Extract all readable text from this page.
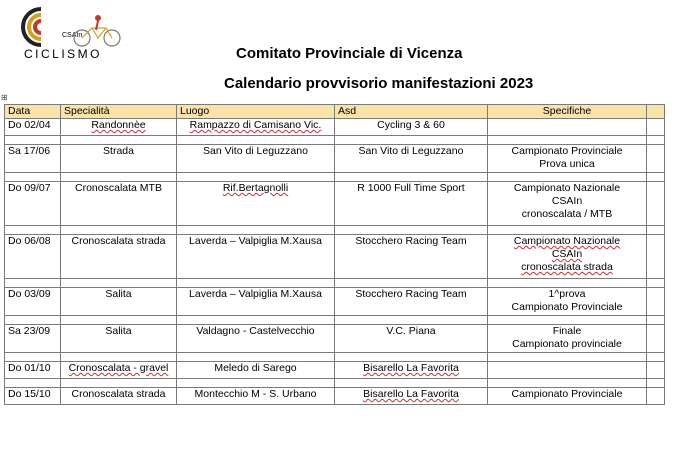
CSAIn
CICLISMO	Comitato Provinciale di Vicenza
Calendario provvisorio manifestazioni 2023
⊞
Data	Specialità	Luogo	Asd	Specifiche	
Do 02/04	Randonnèe	Rampazzo di Camisano Vic.	Cycling 3 & 60		

Sa 17/06	Strada	San Vito di Leguzzano	San Vito di Leguzzano	Campionato Provinciale
Prova unica	

Do 09/07	Cronoscalata MTB	Rif.Bertagnolli	R 1000 Full Time Sport	Campionato Nazionale
CSAIn
cronoscalata / MTB	

Do 06/08	Cronoscalata strada	Laverda – Valpiglia M.Xausa	Stocchero Racing Team	Campionato Nazionale
CSAIn
cronoscalata strada	

Do 03/09	Salita	Laverda – Valpiglia M.Xausa	Stocchero Racing Team	1^prova
Campionato Provinciale	

Sa 23/09	Salita	Valdagno - Castelvecchio	V.C. Piana	Finale
Campionato provinciale	

Do 01/10	Cronoscalata - gravel	Meledo di Sarego	Bisarello La Favorita		

Do 15/10	Cronoscalata strada	Montecchio M - S. Urbano	Bisarello La Favorita	Campionato Provinciale	
